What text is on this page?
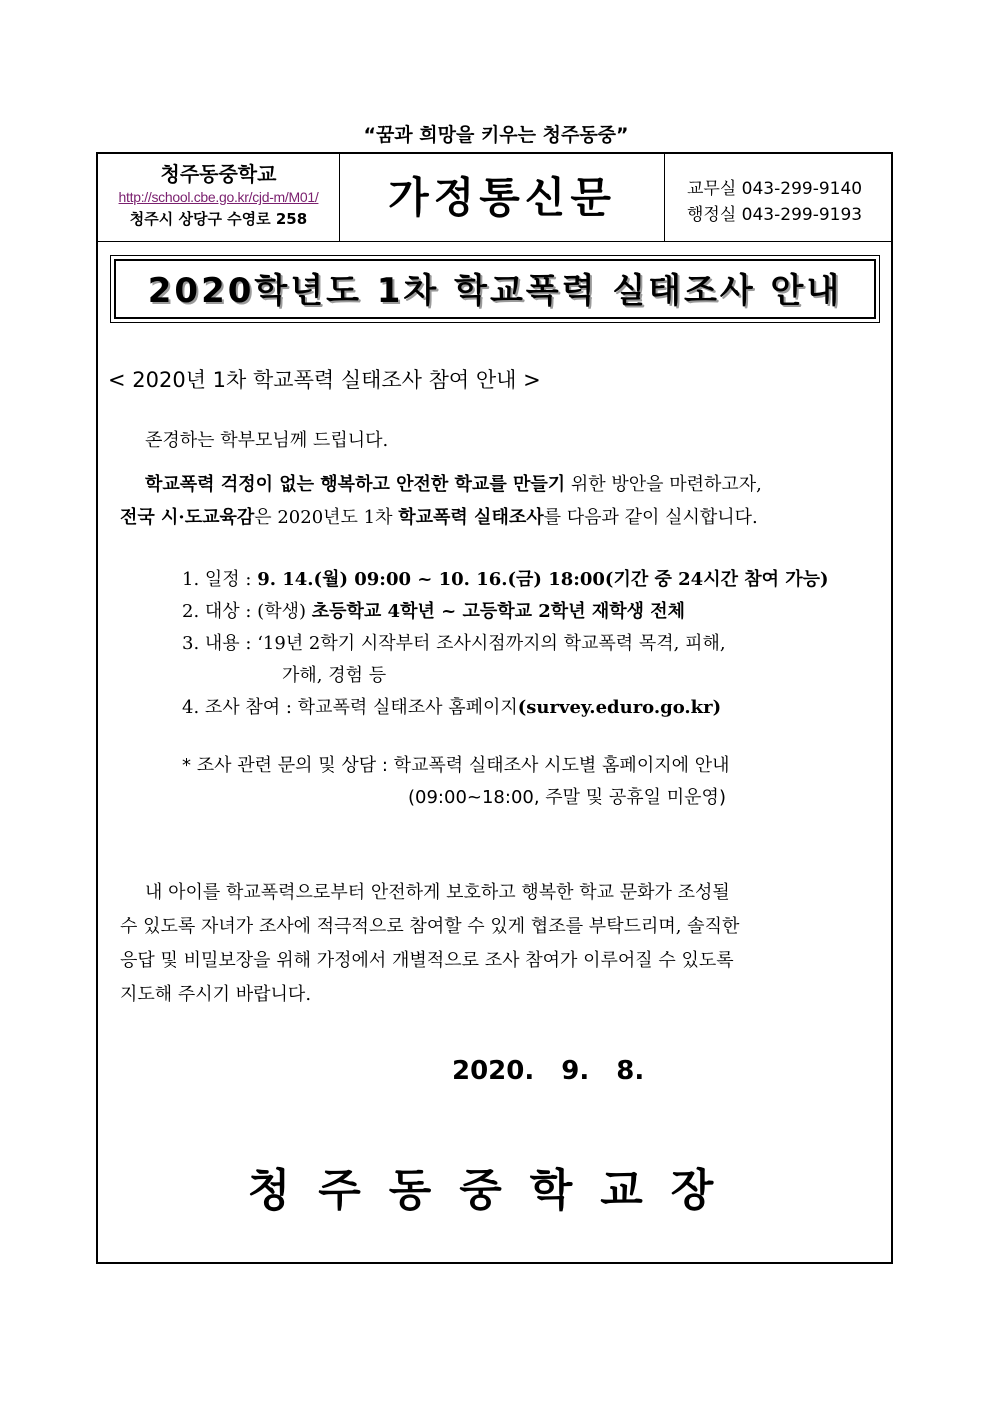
“꿈과 희망을 키우는 청주동중”
청주동중학교
http://school.cbe.go.kr/cjd-m/M01/
청주시 상당구 수영로 258	가정통신문	교무실 043-299-9140
행정실 043-299-9193
2020학년도 1차 학교폭력 실태조사 안내
< 2020년 1차 학교폭력 실태조사 참여 안내 >
존경하는 학부모님께 드립니다.
학교폭력 걱정이 없는 행복하고 안전한 학교를 만들기 위한 방안을 마련하고자,
전국 시·도교육감은 2020년도 1차 학교폭력 실태조사를 다음과 같이 실시합니다.
1. 일정 : 9. 14.(월) 09:00 ~ 10. 16.(금) 18:00(기간 중 24시간 참여 가능)
2. 대상 : (학생) 초등학교 4학년 ~ 고등학교 2학년 재학생 전체
3. 내용 : ‘19년 2학기 시작부터 조사시점까지의 학교폭력 목격, 피해,
가해, 경험 등
4. 조사 참여 : 학교폭력 실태조사 홈페이지(survey.eduro.go.kr)
* 조사 관련 문의 및 상담 : 학교폭력 실태조사 시도별 홈페이지에 안내
(09:00~18:00, 주말 및 공휴일 미운영)
내 아이를 학교폭력으로부터 안전하게 보호하고 행복한 학교 문화가 조성될
수 있도록 자녀가 조사에 적극적으로 참여할 수 있게 협조를 부탁드리며, 솔직한
응답 및 비밀보장을 위해 가정에서 개별적으로 조사 참여가 이루어질 수 있도록
지도해 주시기 바랍니다.
2020. 9. 8.
청주동중학교장
